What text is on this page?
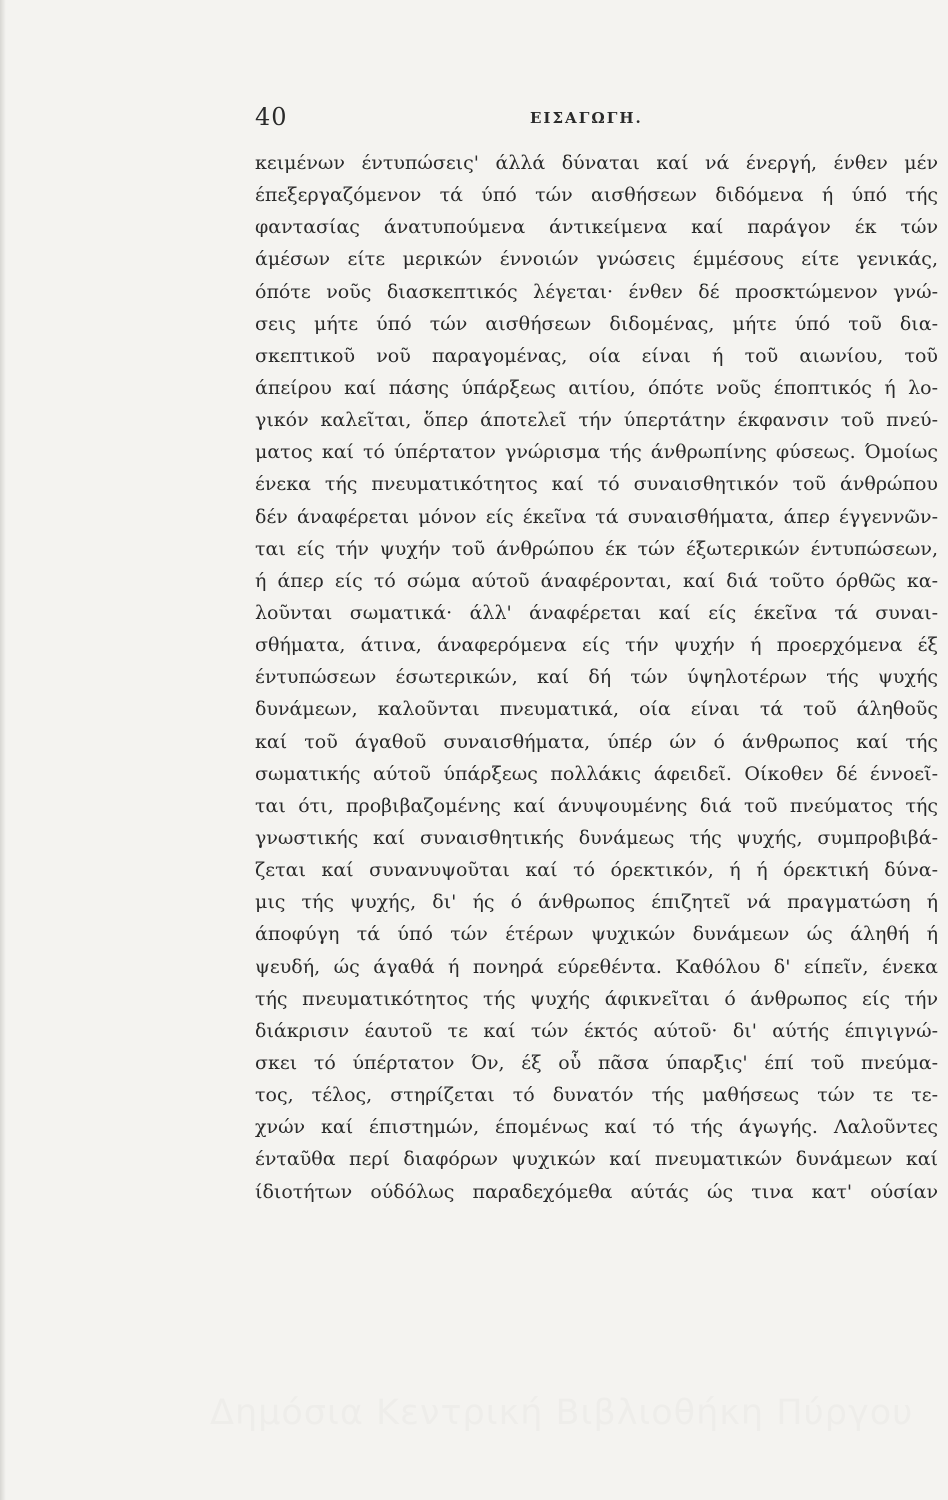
40	ΕΙΣΑΓΩΓΗ.
κειμένων έντυπώσεις' άλλά δύναται καί νά ένεργή, ένθεν μέν
έπεξεργαζόμενον τά ύπό τών αισθήσεων διδόμενα ή ύπό τής
φαντασίας άνατυπούμενα άντικείμενα καί παράγον έκ τών
άμέσων είτε μερικών έννοιών γνώσεις έμμέσους είτε γενικάς,
όπότε νοῦς διασκεπτικός λέγεται· ένθεν δέ προσκτώμενον γνώ-
σεις μήτε ύπό τών αισθήσεων διδομένας, μήτε ύπό τοῦ δια-
σκεπτικοῦ νοῦ παραγομένας, οία είναι ή τοῦ αιωνίου, τοῦ
άπείρου καί πάσης ύπάρξεως αιτίου, όπότε νοῦς έποπτικός ή λο-
γικόν καλεῖται, ὅπερ άποτελεῖ τήν ύπερτάτην έκφανσιν τοῦ πνεύ-
ματος καί τό ύπέρτατον γνώρισμα τής άνθρωπίνης φύσεως. Όμοίως
ένεκα τής πνευματικότητος καί τό συναισθητικόν τοῦ άνθρώπου
δέν άναφέρεται μόνον είς έκεῖνα τά συναισθήματα, άπερ έγγεννῶν-
ται είς τήν ψυχήν τοῦ άνθρώπου έκ τών έξωτερικών έντυπώσεων,
ή άπερ είς τό σώμα αύτοῦ άναφέρονται, καί διά τοῦτο όρθῶς κα-
λοῦνται σωματικά· άλλ' άναφέρεται καί είς έκεῖνα τά συναι-
σθήματα, άτινα, άναφερόμενα είς τήν ψυχήν ή προερχόμενα έξ
έντυπώσεων έσωτερικών, καί δή τών ύψηλοτέρων τής ψυχής
δυνάμεων, καλοῦνται πνευματικά, οία είναι τά τοῦ άληθοῦς
καί τοῦ άγαθοῦ συναισθήματα, ύπέρ ών ό άνθρωπος καί τής
σωματικής αύτοῦ ύπάρξεως πολλάκις άφειδεῖ. Οίκοθεν δέ έννοεῖ-
ται ότι, προβιβαζομένης καί άνυψουμένης διά τοῦ πνεύματος τής
γνωστικής καί συναισθητικής δυνάμεως τής ψυχής, συμπροβιβά-
ζεται καί συνανυψοῦται καί τό όρεκτικόν, ή ή όρεκτική δύνα-
μις τής ψυχής, δι' ής ό άνθρωπος έπιζητεῖ νά πραγματώση ή
άποφύγη τά ύπό τών έτέρων ψυχικών δυνάμεων ώς άληθή ή
ψευδή, ώς άγαθά ή πονηρά εύρεθέντα. Καθόλου δ' είπεῖν, ένεκα
τής πνευματικότητος τής ψυχής άφικνεῖται ό άνθρωπος είς τήν
διάκρισιν έαυτοῦ τε καί τών έκτός αύτοῦ· δι' αύτής έπιγιγνώ-
σκει τό ύπέρτατον Όν, έξ οὗ πᾶσα ύπαρξις' έπί τοῦ πνεύμα-
τος, τέλος, στηρίζεται τό δυνατόν τής μαθήσεως τών τε τε-
χνών καί έπιστημών, έπομένως καί τό τής άγωγής. Λαλοῦντες
ένταῦθα περί διαφόρων ψυχικών καί πνευματικών δυνάμεων καί
ίδιοτήτων ούδόλως παραδεχόμεθα αύτάς ώς τινα κατ' ούσίαν
Δημόσια Κεντρική Βιβλιοθήκη Πύργου
